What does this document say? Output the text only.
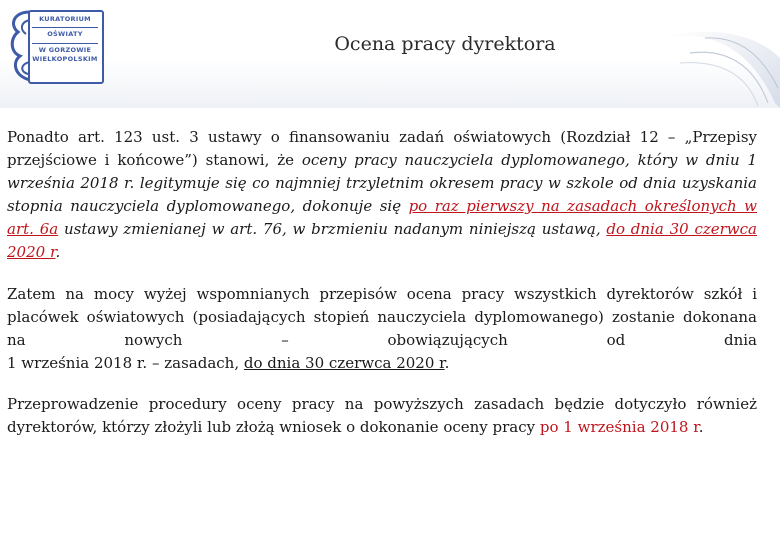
KURATORIUM
OŚWIATY
W GORZOWIE
WIELKOPOLSKIM
Ocena pracy dyrektora

Ponadto art. 123 ust. 3 ustawy o finansowaniu zadań oświatowych (Rozdział 12 – „Przepisy przejściowe i końcowe”) stanowi, że oceny pracy nauczyciela dyplomowanego, który w dniu 1 września 2018 r. legitymuje się co najmniej trzyletnim okresem pracy w szkole od dnia uzyskania stopnia nauczyciela dyplomowanego, dokonuje się po raz pierwszy na zasadach określonych w art. 6a ustawy zmienianej w art. 76, w brzmieniu nadanym niniejszą ustawą, do dnia 30 czerwca 2020 r.

Zatem na mocy wyżej wspomnianych przepisów ocena pracy wszystkich dyrektorów szkół i placówek oświatowych (posiadających stopień nauczyciela dyplomowanego) zostanie dokonana na nowych – obowiązujących od dnia
1 września 2018 r. – zasadach, do dnia 30 czerwca 2020 r.

Przeprowadzenie procedury oceny pracy na powyższych zasadach będzie dotyczyło również dyrektorów, którzy złożyli lub złożą wniosek o dokonanie oceny pracy po 1 września 2018 r.
